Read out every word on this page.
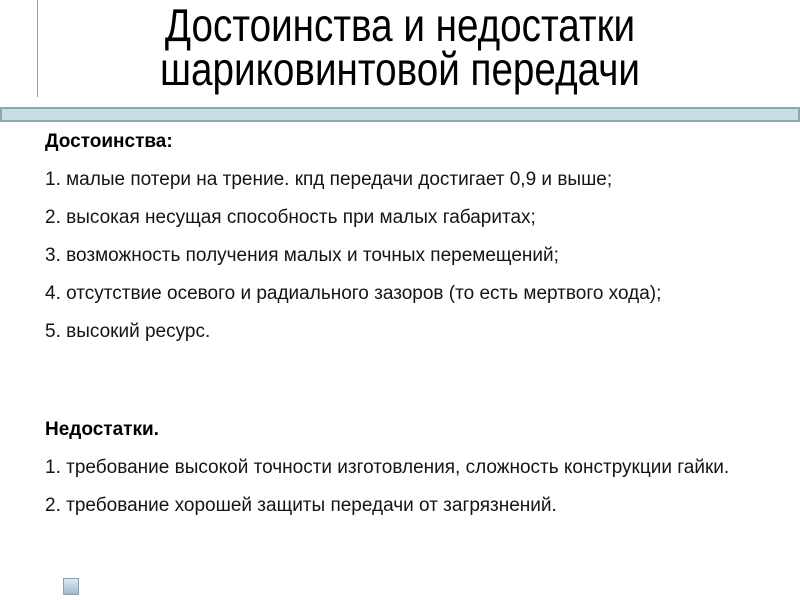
Достоинства и недостатки
шариковинтовой передачи

Достоинства:

1. малые потери на трение. кпд передачи достигает 0,9 и выше;

2. высокая несущая способность при малых габаритах;

3. возможность получения малых и точных перемещений;

4. отсутствие осевого и радиального зазоров (то есть мертвого хода);

5. высокий ресурс.

Недостатки.

1. требование высокой точности изготовления, сложность конструкции гайки.

2. требование хорошей защиты передачи от загрязнений.
